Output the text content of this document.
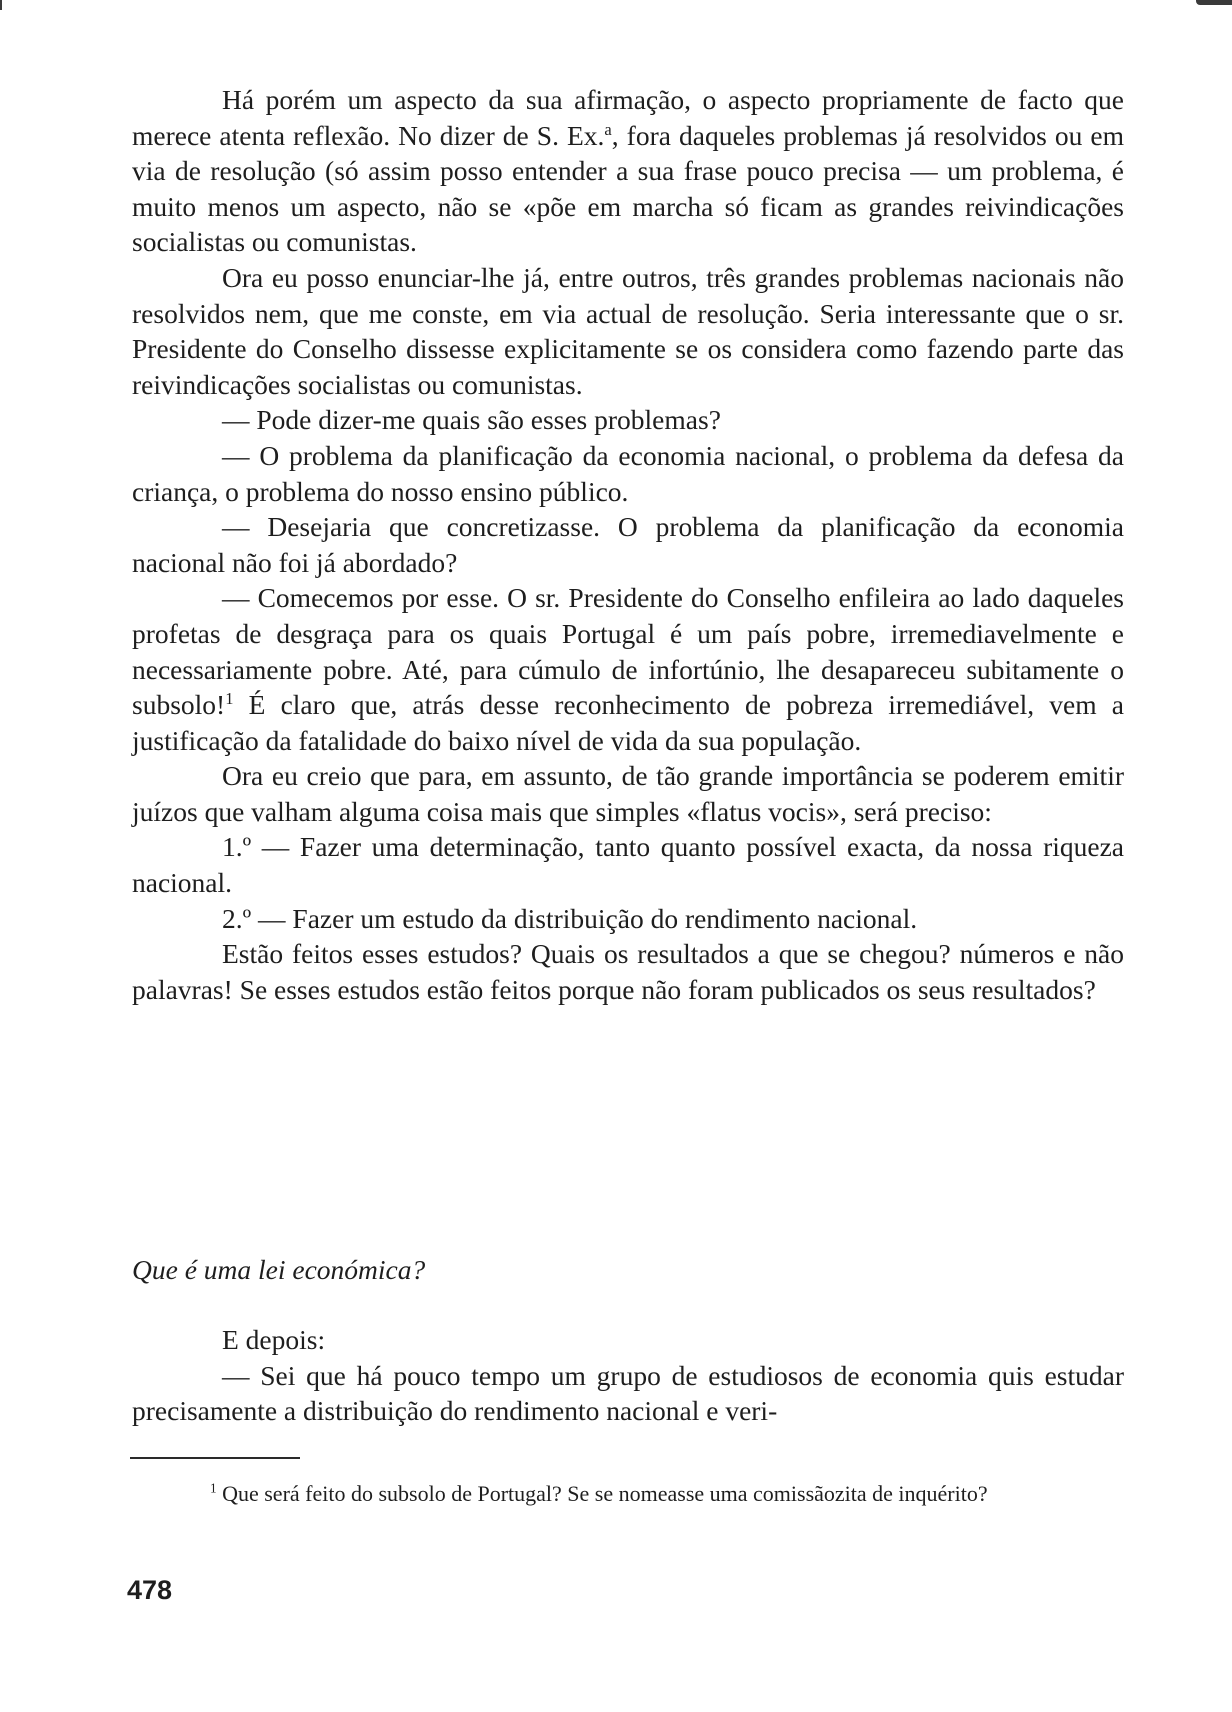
Há porém um aspecto da sua afirmação, o aspecto propriamente de facto que merece atenta reflexão. No dizer de S. Ex.$^a$, fora daqueles problemas já resolvidos ou em via de resolução (só assim posso entender a sua frase pouco precisa — um problema, é muito menos um aspecto, não se «põe em marcha só ficam as grandes reivindicações socialistas ou comunistas.

Ora eu posso enunciar-lhe já, entre outros, três grandes problemas nacionais não resolvidos nem, que me conste, em via actual de resolução. Seria interessante que o sr. Presidente do Conselho dissesse explicitamente se os considera como fazendo parte das reivindicações socialistas ou comunistas.

— Pode dizer-me quais são esses problemas?

— O problema da planificação da economia nacional, o problema da defesa da criança, o problema do nosso ensino público.

— Desejaria que concretizasse. O problema da planificação da economia nacional não foi já abordado?

— Comecemos por esse. O sr. Presidente do Conselho enfileira ao lado daqueles profetas de desgraça para os quais Portugal é um país pobre, irremediavelmente e necessariamente pobre. Até, para cúmulo de infortúnio, lhe desapareceu subitamente o subsolo!$^1$ É claro que, atrás desse reconhecimento de pobreza irremediável, vem a justificação da fatalidade do baixo nível de vida da sua população.

Ora eu creio que para, em assunto, de tão grande importância se poderem emitir juízos que valham alguma coisa mais que simples «flatus vocis», será preciso:

1.º — Fazer uma determinação, tanto quanto possível exacta, da nossa riqueza nacional.

2.º — Fazer um estudo da distribuição do rendimento nacional.

Estão feitos esses estudos? Quais os resultados a que se chegou? números e não palavras! Se esses estudos estão feitos porque não foram publicados os seus resultados?

Que é uma lei económica?

E depois:

— Sei que há pouco tempo um grupo de estudiosos de economia quis estudar precisamente a distribuição do rendimento nacional e veri-

$^1$ Que será feito do subsolo de Portugal? Se se nomeasse uma comissãozita de inquérito?

478
